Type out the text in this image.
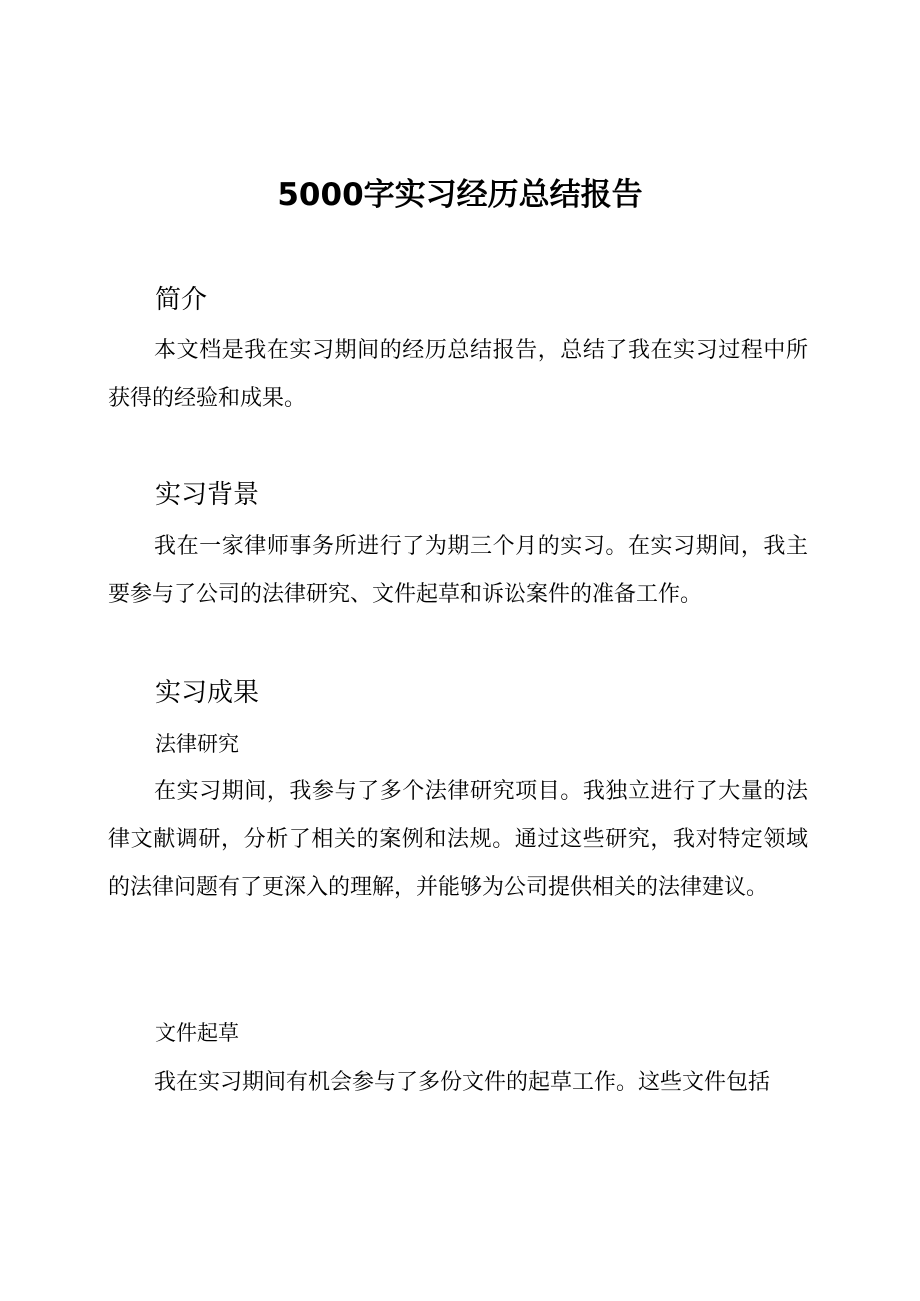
5000字实习经历总结报告
简介

本文档是我在实习期间的经历总结报告，总结了我在实习过程中所获得的经验和成果。

实习背景

我在一家律师事务所进行了为期三个月的实习。在实习期间，我主要参与了公司的法律研究、文件起草和诉讼案件的准备工作。

实习成果
法律研究

在实习期间，我参与了多个法律研究项目。我独立进行了大量的法律文献调研，分析了相关的案例和法规。通过这些研究，我对特定领域的法律问题有了更深入的理解，并能够为公司提供相关的法律建议。

文件起草

我在实习期间有机会参与了多份文件的起草工作。这些文件包括
